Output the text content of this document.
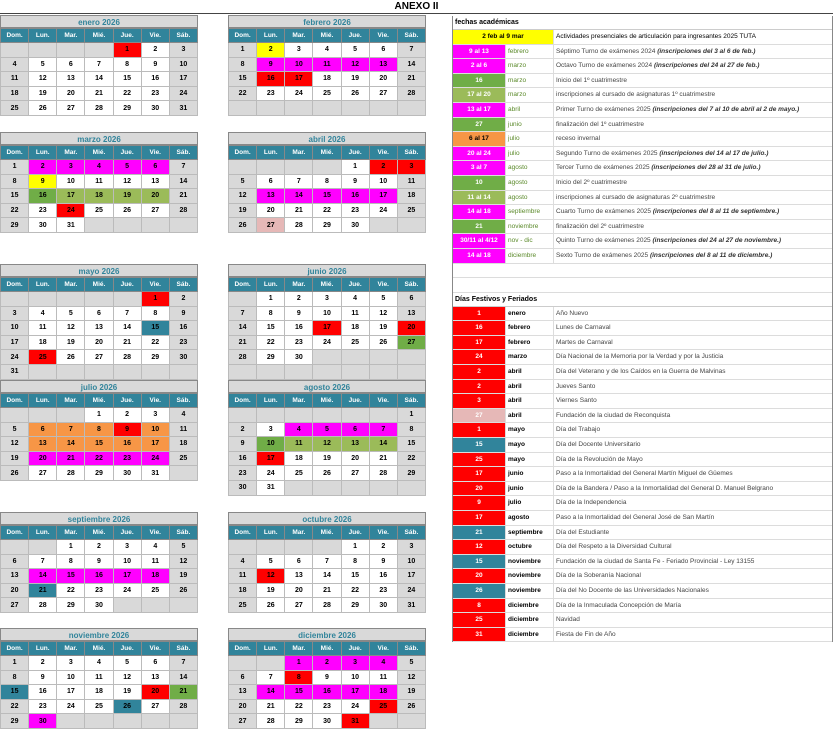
ANEXO II
enero 2026
Dom.	Lun.	Mar.	Mié.	Jue.	Vie.	Sáb.
				1	2	3
4	5	6	7	8	9	10
11	12	13	14	15	16	17
18	19	20	21	22	23	24
25	26	27	28	29	30	31
febrero 2026
Dom.	Lun.	Mar.	Mié.	Jue.	Vie.	Sáb.
1	2	3	4	5	6	7
8	9	10	11	12	13	14
15	16	17	18	19	20	21
22	23	24	25	26	27	28

marzo 2026
Dom.	Lun.	Mar.	Mié.	Jue.	Vie.	Sáb.
1	2	3	4	5	6	7
8	9	10	11	12	13	14
15	16	17	18	19	20	21
22	23	24	25	26	27	28
29	30	31				
abril 2026
Dom.	Lun.	Mar.	Mié.	Jue.	Vie.	Sáb.
				1	2	3
5	6	7	8	9	10	11
12	13	14	15	16	17	18
19	20	21	22	23	24	25
26	27	28	29	30		
mayo 2026
Dom.	Lun.	Mar.	Mié.	Jue.	Vie.	Sáb.
					1	2
3	4	5	6	7	8	9
10	11	12	13	14	15	16
17	18	19	20	21	22	23
24	25	26	27	28	29	30
31						
junio 2026
Dom.	Lun.	Mar.	Mié.	Jue.	Vie.	Sáb.
	1	2	3	4	5	6
7	8	9	10	11	12	13
14	15	16	17	18	19	20
21	22	23	24	25	26	27
28	29	30				

julio 2026
Dom.	Lun.	Mar.	Mié.	Jue.	Vie.	Sáb.
			1	2	3	4
5	6	7	8	9	10	11
12	13	14	15	16	17	18
19	20	21	22	23	24	25
26	27	28	29	30	31	
agosto 2026
Dom.	Lun.	Mar.	Mié.	Jue.	Vie.	Sáb.
						1
2	3	4	5	6	7	8
9	10	11	12	13	14	15
16	17	18	19	20	21	22
23	24	25	26	27	28	29
30	31					
septiembre 2026
Dom.	Lun.	Mar.	Mié.	Jue.	Vie.	Sáb.
		1	2	3	4	5
6	7	8	9	10	11	12
13	14	15	16	17	18	19
20	21	22	23	24	25	26
27	28	29	30			
octubre 2026
Dom.	Lun.	Mar.	Mié.	Jue.	Vie.	Sáb.
				1	2	3
4	5	6	7	8	9	10
11	12	13	14	15	16	17
18	19	20	21	22	23	24
25	26	27	28	29	30	31
noviembre 2026
Dom.	Lun.	Mar.	Mié.	Jue.	Vie.	Sáb.
1	2	3	4	5	6	7
8	9	10	11	12	13	14
15	16	17	18	19	20	21
22	23	24	25	26	27	28
29	30					
diciembre 2026
Dom.	Lun.	Mar.	Mié.	Jue.	Vie.	Sáb.
		1	2	3	4	5
6	7	8	9	10	11	12
13	14	15	16	17	18	19
20	21	22	23	24	25	26
27	28	29	30	31		
fechas académicas
2 feb al 9 mar	Actividades presenciales de articulación para ingresantes 2025 TUTA
9 al 13	febrero	Séptimo Turno de exámenes 2024 (inscripciones del 3 al 6 de feb.)
2 al 6	marzo	Octavo Turno de exámenes 2024 (inscripciones del 24 al 27 de feb.)
16	marzo	Inicio del 1º cuatrimestre
17 al 20	marzo	inscripciones al cursado de asignaturas 1º cuatrimestre
13 al 17	abril	Primer Turno de exámenes 2025 (inscripciones del 7 al 10 de abril al 2 de mayo.)
27	junio	finalización del 1º cuatrimestre
6 al 17	julio	receso invernal
20 al 24	julio	Segundo Turno de exámenes 2025 (inscripciones del 14 al 17 de julio.)
3 al 7	agosto	Tercer Turno de exámenes 2025 (inscripciones del 28 al 31 de julio.)
10	agosto	Inicio del 2º cuatrimestre
11 al 14	agosto	inscripciones al cursado de asignaturas 2º cuatrimestre
14 al 18	septiembre	Cuarto Turno de exámenes 2025 (inscripciones del 8 al 11 de septiembre.)
21	noviembre	finalización del 2º cuatrimestre
30/11 al 4/12	nov - dic	Quinto Turno de exámenes 2025 (inscripciones del 24 al 27 de noviembre.)
14 al 18	diciembre	Sexto Turno de exámenes 2025 (inscripciones del 8 al 11 de diciembre.)
Días Festivos y Feriados
1	enero	Año Nuevo
16	febrero	Lunes de Carnaval
17	febrero	Martes de Carnaval
24	marzo	Día Nacional de la Memoria por la Verdad y por la Justicia
2	abril	Día del Veterano y de los Caídos en la Guerra de Malvinas
2	abril	Jueves Santo
3	abril	Viernes Santo
27	abril	Fundación de la ciudad de Reconquista
1	mayo	Día del Trabajo
15	mayo	Día del Docente Universitario
25	mayo	Día de la Revolución de Mayo
17	junio	Paso a la Inmortalidad del General Martín Miguel de Güemes
20	junio	Día de la Bandera / Paso a la Inmortalidad del General D. Manuel Belgrano
9	julio	Día de la Independencia
17	agosto	Paso a la Inmortalidad del General José de San Martín
21	septiembre	Día del Estudiante
12	octubre	Día del Respeto a la Diversidad Cultural
15	noviembre	Fundación de la ciudad de Santa Fe - Feriado Provincial - Ley 13155
20	noviembre	Día de la Soberanía Nacional
26	noviembre	Día del No Docente de las Universidades Nacionales
8	diciembre	Día de la Inmaculada Concepción de María
25	diciembre	Navidad
31	diciembre	Fiesta de Fin de Año
